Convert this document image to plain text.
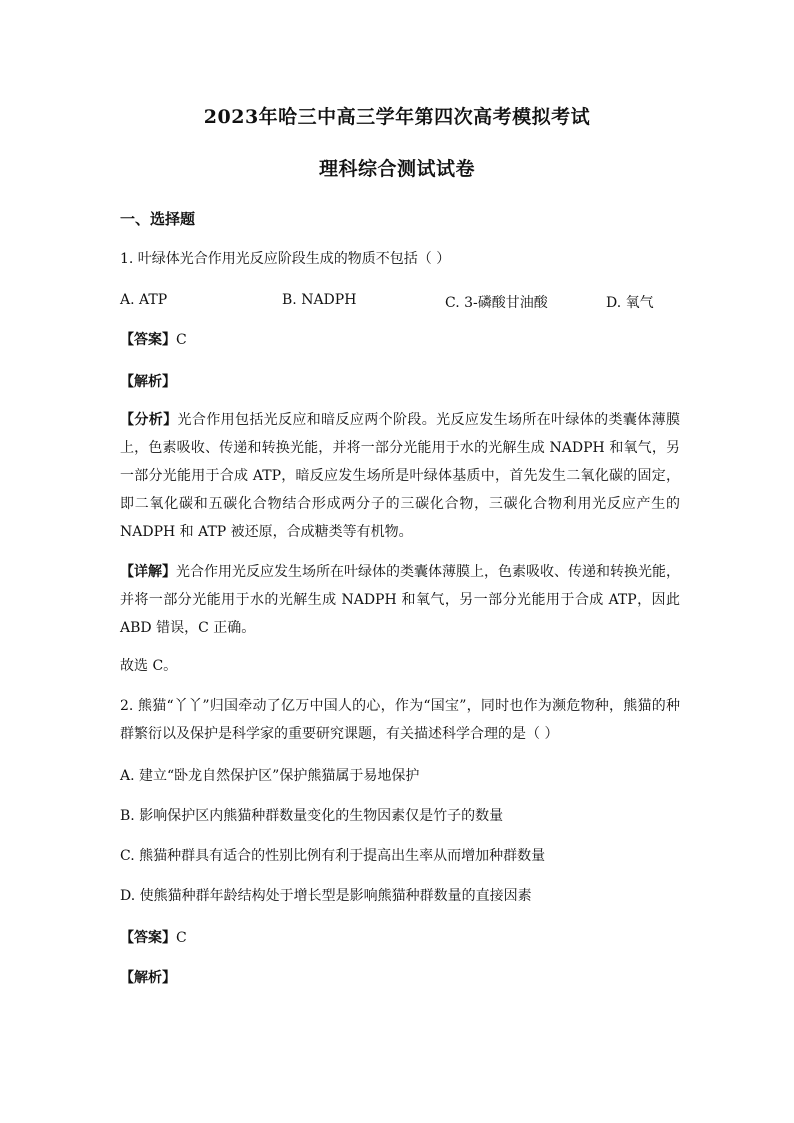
2023年哈三中高三学年第四次高考模拟考试
理科综合测试试卷
一、选择题
1. 叶绿体光合作用光反应阶段生成的物质不包括（ ）
A. ATP	B. NADPH	C. 3-磷酸甘油酸	D. 氧气
【答案】C
【解析】
【分析】光合作用包括光反应和暗反应两个阶段。光反应发生场所在叶绿体的类囊体薄膜上，色素吸收、传递和转换光能，并将一部分光能用于水的光解生成 NADPH 和氧气，另一部分光能用于合成 ATP，暗反应发生场所是叶绿体基质中，首先发生二氧化碳的固定，即二氧化碳和五碳化合物结合形成两分子的三碳化合物，三碳化合物利用光反应产生的 NADPH 和 ATP 被还原，合成糖类等有机物。
【详解】光合作用光反应发生场所在叶绿体的类囊体薄膜上，色素吸收、传递和转换光能，并将一部分光能用于水的光解生成 NADPH 和氧气，另一部分光能用于合成 ATP，因此 ABD 错误，C 正确。
故选 C。
2. 熊猫“丫丫”归国牵动了亿万中国人的心，作为“国宝”，同时也作为濒危物种，熊猫的种群繁衍以及保护是科学家的重要研究课题，有关描述科学合理的是（ ）
A. 建立“卧龙自然保护区”保护熊猫属于易地保护
B. 影响保护区内熊猫种群数量变化的生物因素仅是竹子的数量
C. 熊猫种群具有适合的性别比例有利于提高出生率从而增加种群数量
D. 使熊猫种群年龄结构处于增长型是影响熊猫种群数量的直接因素
【答案】C
【解析】
